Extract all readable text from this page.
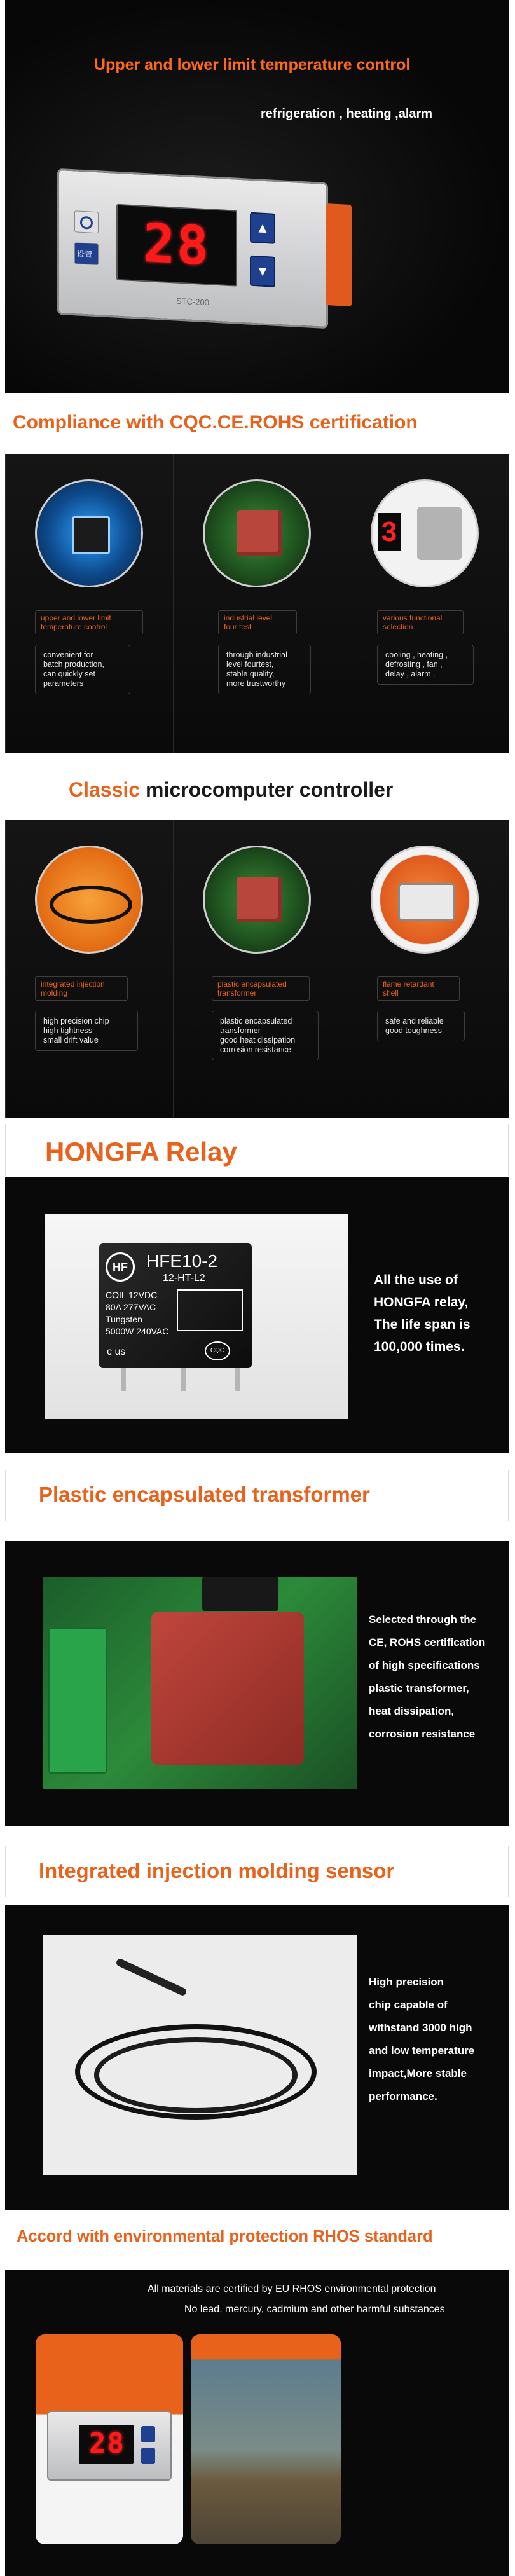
Upper and lower limit temperature control
refrigeration , heating ,alarm
设置 28	▲
▼
STC-200
Compliance with CQC.CE.ROHS certification
upper and lower limit
temperature control
convenient for
batch production,
can quickly set
parameters
industrial level
four test
through industrial
level fourtest,
stable quality,
more trustworthy
3
various functional
selection
cooling , heating ,
defrosting , fan ,
delay , alarm .
Classic microcomputer controller
integrated injection
molding
high precision chip
high tightness
small drift value
plastic encapsulated
transformer
plastic encapsulated
transformer
good heat dissipation
corrosion resistance
flame retardant
shell
safe and reliable
good toughness
HONGFA Relay
HF	HFE10-2
12-HT-L2
COIL 12VDC
80A 277VAC
Tungsten
5000W 240VAC
c us	CQC
All the use of
HONGFA relay,
The life span is
100,000 times.
Plastic encapsulated transformer
Selected through the
CE, ROHS certification
of high specifications
plastic transformer,
heat dissipation,
corrosion resistance
Integrated injection molding sensor
High precision
chip capable of
withstand 3000 high
and low temperature
impact,More stable
performance.
Accord with environmental protection RHOS standard
All materials are certified by EU RHOS environmental protection
No lead, mercury, cadmium and other harmful substances
28
